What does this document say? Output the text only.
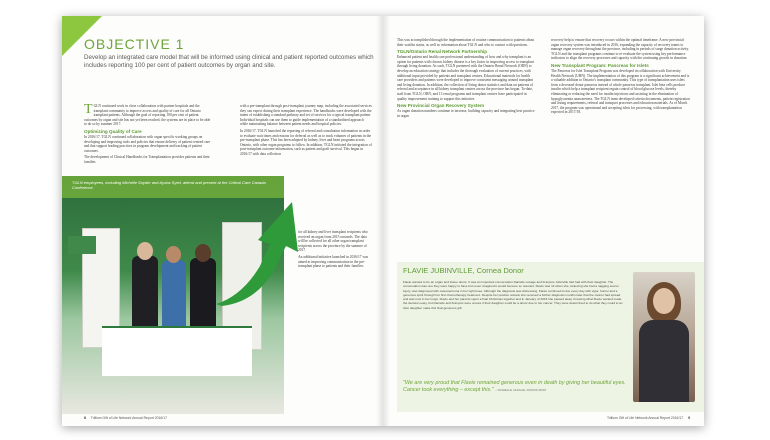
OBJECTIVE 1
Develop an integrated care model that will be informed using clinical and patient reported outcomes which includes reporting 100 per cent of patient outcomes by organ and site.

TGLN continued work in close collaboration with partner hospitals and the transplant community to improve access and quality of care for all Ontario transplant patients. Although the goal of reporting 100 per cent of patient outcomes by organ and site has not yet been reached, the systems are in place to be able to do so by summer 2017.

Optimizing Quality of Care

In 2016/17, TGLN continued collaboration with organ specific working groups on developing and improving tools and policies that ensure delivery of patient centred care and that support leading practices in program development and tracking of patient outcomes.

The development of Clinical Handbooks for Transplantation provides patients and their families

with a pre-transplant through post-transplant journey map, including the associated services they can expect during their transplant experience. The handbooks were developed with the intent of establishing a standard pathway and set of services for a typical transplant patient. Individual hospitals can use them to guide implementation of a standardized approach while maintaining balance between patient needs and hospital policies.

In 2016/17, TGLN launched the reporting of referral and consultation information in order to evaluate wait times and reasons for deferral as well as to track volumes of patients in the pre-transplant phase. This has been adopted by kidney, liver and heart programs across Ontario, with other organ programs to follow. In addition, TGLN initiated the integration of post-transplant outcome information, such as patient and graft survival. This began in 2016/17 with data collection

TGLN employees, including Michelle Snyder and Aysha Syed, attend and present at the Critical Care Canada Conference.

for all kidney and liver transplant recipients who received an organ from 2015 onwards. The data will be collected for all other organ transplant recipients across the province by the summer of 2017.

An additional initiative launched in 2016/17 was aimed at improving communication in the pre-transplant phase to patients and their families.

8 Trillium Gift of Life Network Annual Report 2016/17

This was accomplished through the implementation of routine communication to patients about their waitlist status, as well as information about TGLN and who to contact with questions.

TGLN/Ontario Renal Network Partnership

Enhanced patient and health care professional understanding of how and why transplant is an option for patients with chronic kidney disease is a key factor in improving access to transplant through living donation. As such, TGLN partnered with the Ontario Renal Network (ORN) to develop an education strategy that includes the thorough evaluation of current practices, with additional input provided by patients and transplant centres. Educational materials for health care providers and patients were developed to improve consistent messaging around transplant and living donation. In addition, the collection of living donor statistics and data on patterns of referral and acceptance in all kidney transplant centres across the province has begun. To-date, staff from TGLN, ORN, and 13 renal programs and transplant centres have participated in quality improvement training to support this initiative.

New Provincial Organ Recovery System

As organ donation numbers continue to increase, building capacity and integrating best practice in organ

recovery help to ensure that recovery occurs within the optimal timeframe. A new provincial organ recovery system was introduced in 2016, expanding the capacity of recovery teams to manage organ recovery throughout the province, including in periods of surge donation activity. TGLN and the transplant programs continue to re-evaluate the system using key performance indicators to align the recovery processes and capacity with the continuing growth in donation.

New Transplant Program: Pancreas for Islets

The Pancreas for Islet Transplant Program was developed in collaboration with University Health Network (UHN). The implementation of this program is a significant achievement and is a valuable addition to Ontario's transplant community. This type of transplantation uses islets from a deceased donor pancreas instead of whole pancreas transplant. Islet beta cells produce insulin which help a transplant recipient regain control of blood glucose levels, thereby eliminating or reducing the need for insulin injections and assisting in the elimination of hypoglycaemia unawareness. The TGLN team developed criteria documents, patient registration and listing requirements, referral and transport processes and education materials. As of March 2017, the program was operational and accepting islets for processing, with transplantation expected in 2017/18.

FLAVIE JUBINVILLE, Cornea Donor
Flavie wanted to be an organ and tissue donor. It was an important conversation Danielle Lesage and François Jubinville had had with their daughter. The conversation was one they were happy to have but never imagined it would become so relevant. Flavie was 14 when she, believing she had a nagging soccer injury, was diagnosed with osteosarcoma in her right knee. Although the diagnosis was distressing, Flavie continued to live every day with vigor, humor and a generous spirit through her first chemotherapy treatment. Despite her positive outlook she received a further diagnosis months later that the cancer had spread and was now in her lungs. Flavie and her parents spent a final Christmas together and in January of 2015 she passed away. Knowing what Flavie wanted made the decision easy, but Danielle and François were unsure if their daughter could be a donor due to her cancer. They were determined to do what they could to let their daughter make this final generous gift.
"We are very proud that Flavie remained generous even in death by giving her beautiful eyes. Cancer took everything – except this." – DANIELLE LESAGE, DONOR MOM
Trillium Gift of Life Network Annual Report 2016/17 9
